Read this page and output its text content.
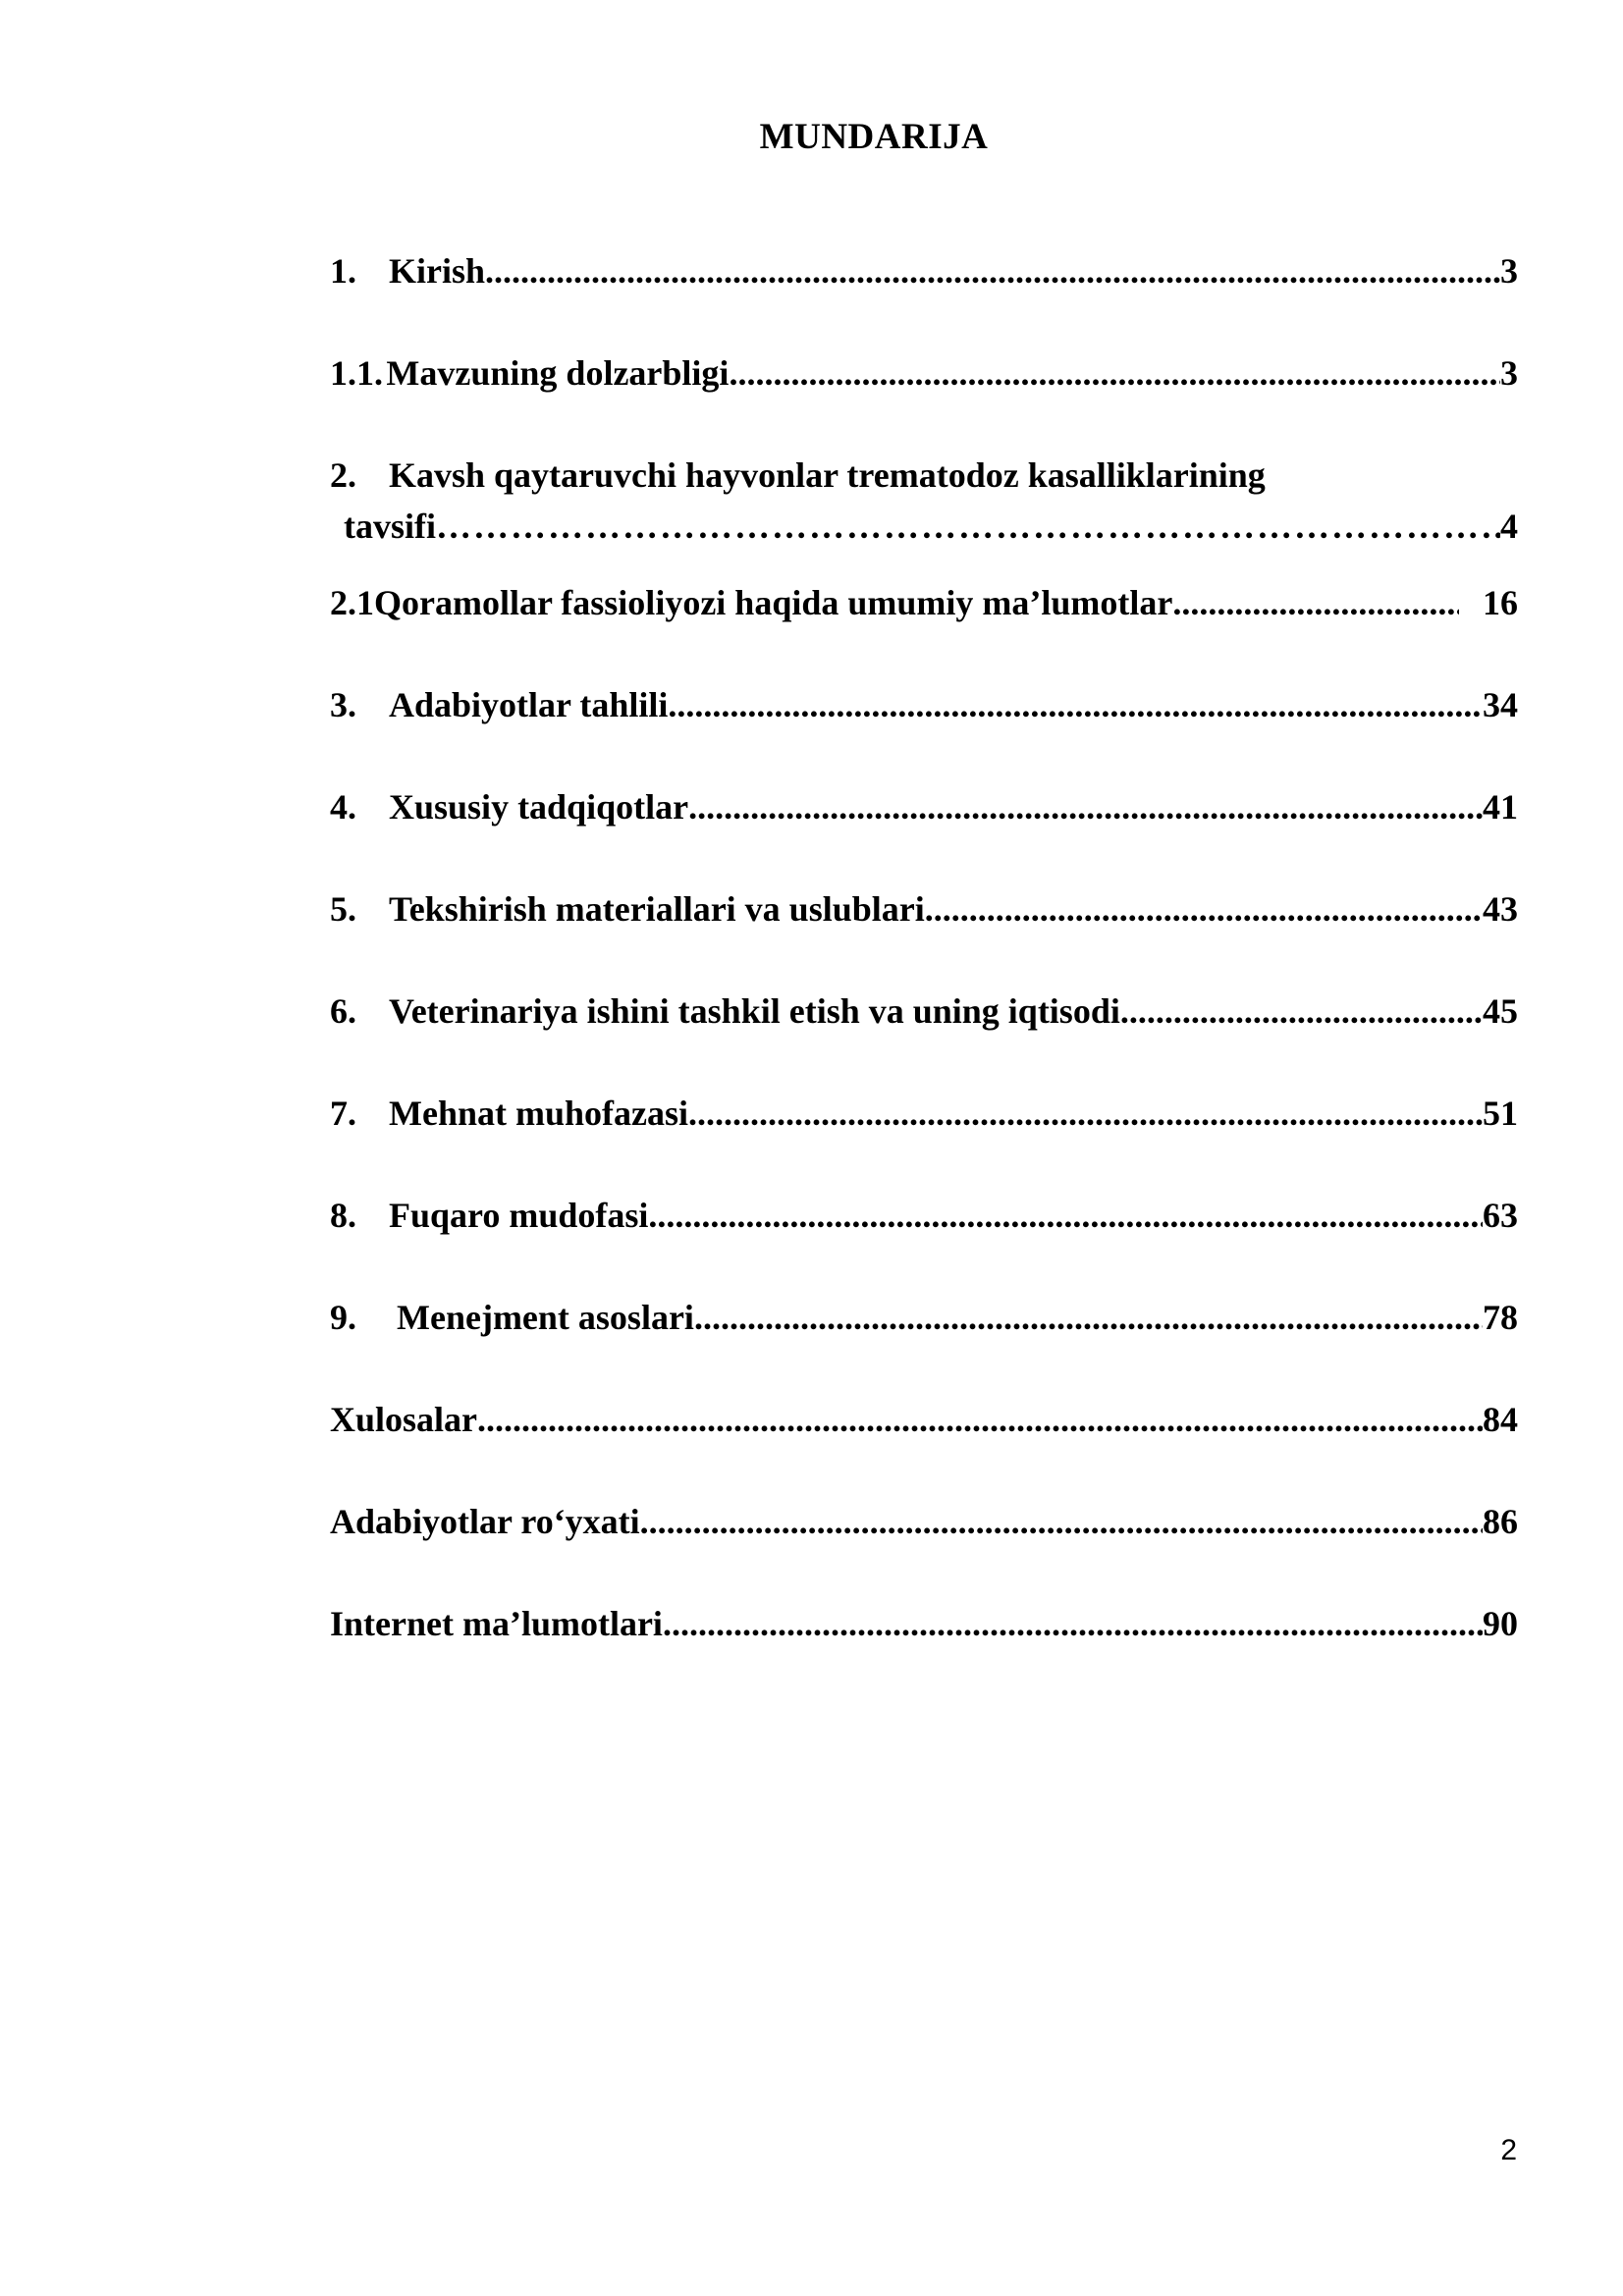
MUNDARIJA
1. Kirish .....	3
1.1. Mavzuning dolzarbligi .....	3
2. Kavsh qaytaruvchi hayvonlar trematodoz kasalliklarining
tavsifi ……………………………………………………………………………………………………………………………………………………	4
2.1 Qoramollar fassioliyozi haqida umumiy ma’lumotlar .....	16
3. Adabiyotlar tahlili .....	34
4. Xususiy tadqiqotlar .....	41
5. Tekshirish materiallari va uslublari .....	43
6. Veterinariya ishini tashkil etish va uning iqtisodi .....	45
7. Mehnat muhofazasi .....	51
8. Fuqaro mudofasi .....	63
9.	Menejment asoslari .....	78
Xulosalar .....	84
Adabiyotlar ro‘yxati .....	86
Internet ma’lumotlari .....	90
2
